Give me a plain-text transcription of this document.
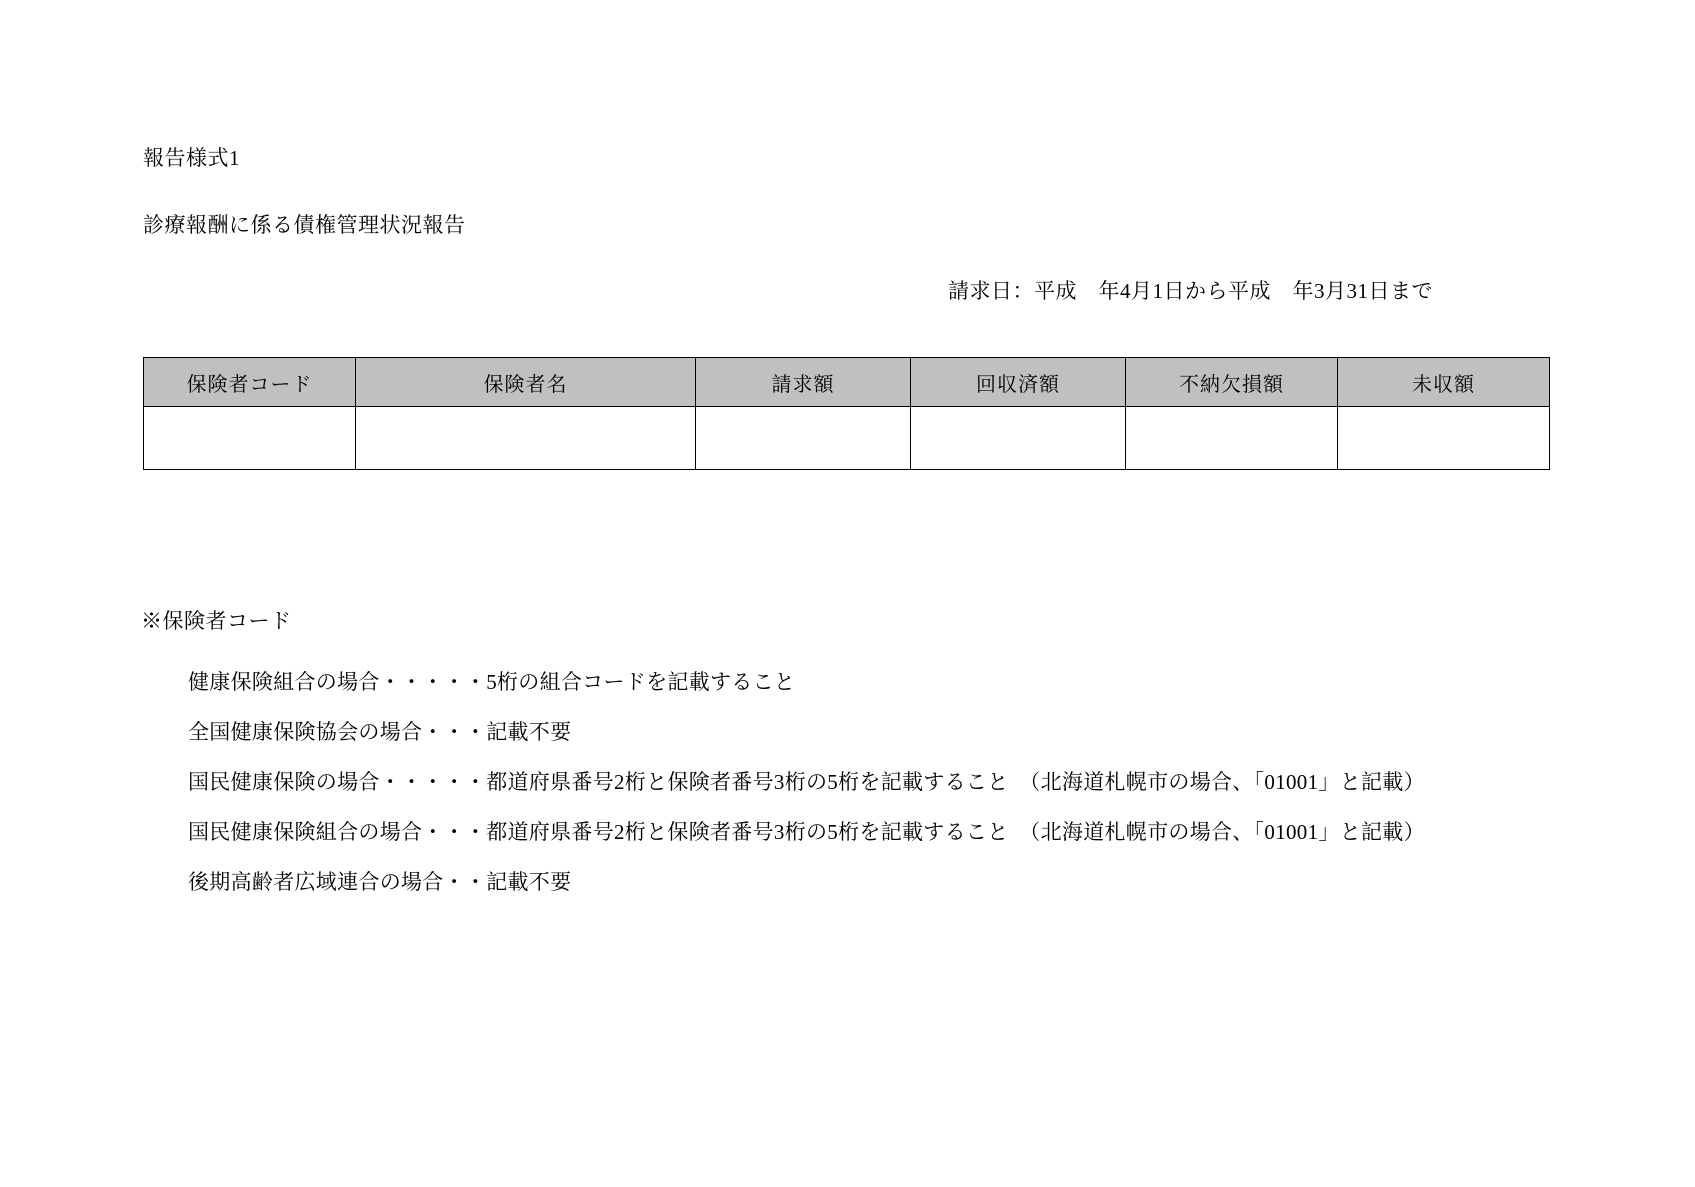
報告様式1
診療報酬に係る債権管理状況報告
請求日：平成　年4月1日から平成　年3月31日まで
保険者コード	保険者名	請求額	回収済額	不納欠損額	未収額

※保険者コード
健康保険組合の場合・・・・・5桁の組合コードを記載すること
全国健康保険協会の場合・・・記載不要
国民健康保険の場合・・・・・都道府県番号2桁と保険者番号3桁の5桁を記載すること　（北海道札幌市の場合、「01001」と記載）
国民健康保険組合の場合・・・都道府県番号2桁と保険者番号3桁の5桁を記載すること　（北海道札幌市の場合、「01001」と記載）
後期高齢者広域連合の場合・・記載不要
